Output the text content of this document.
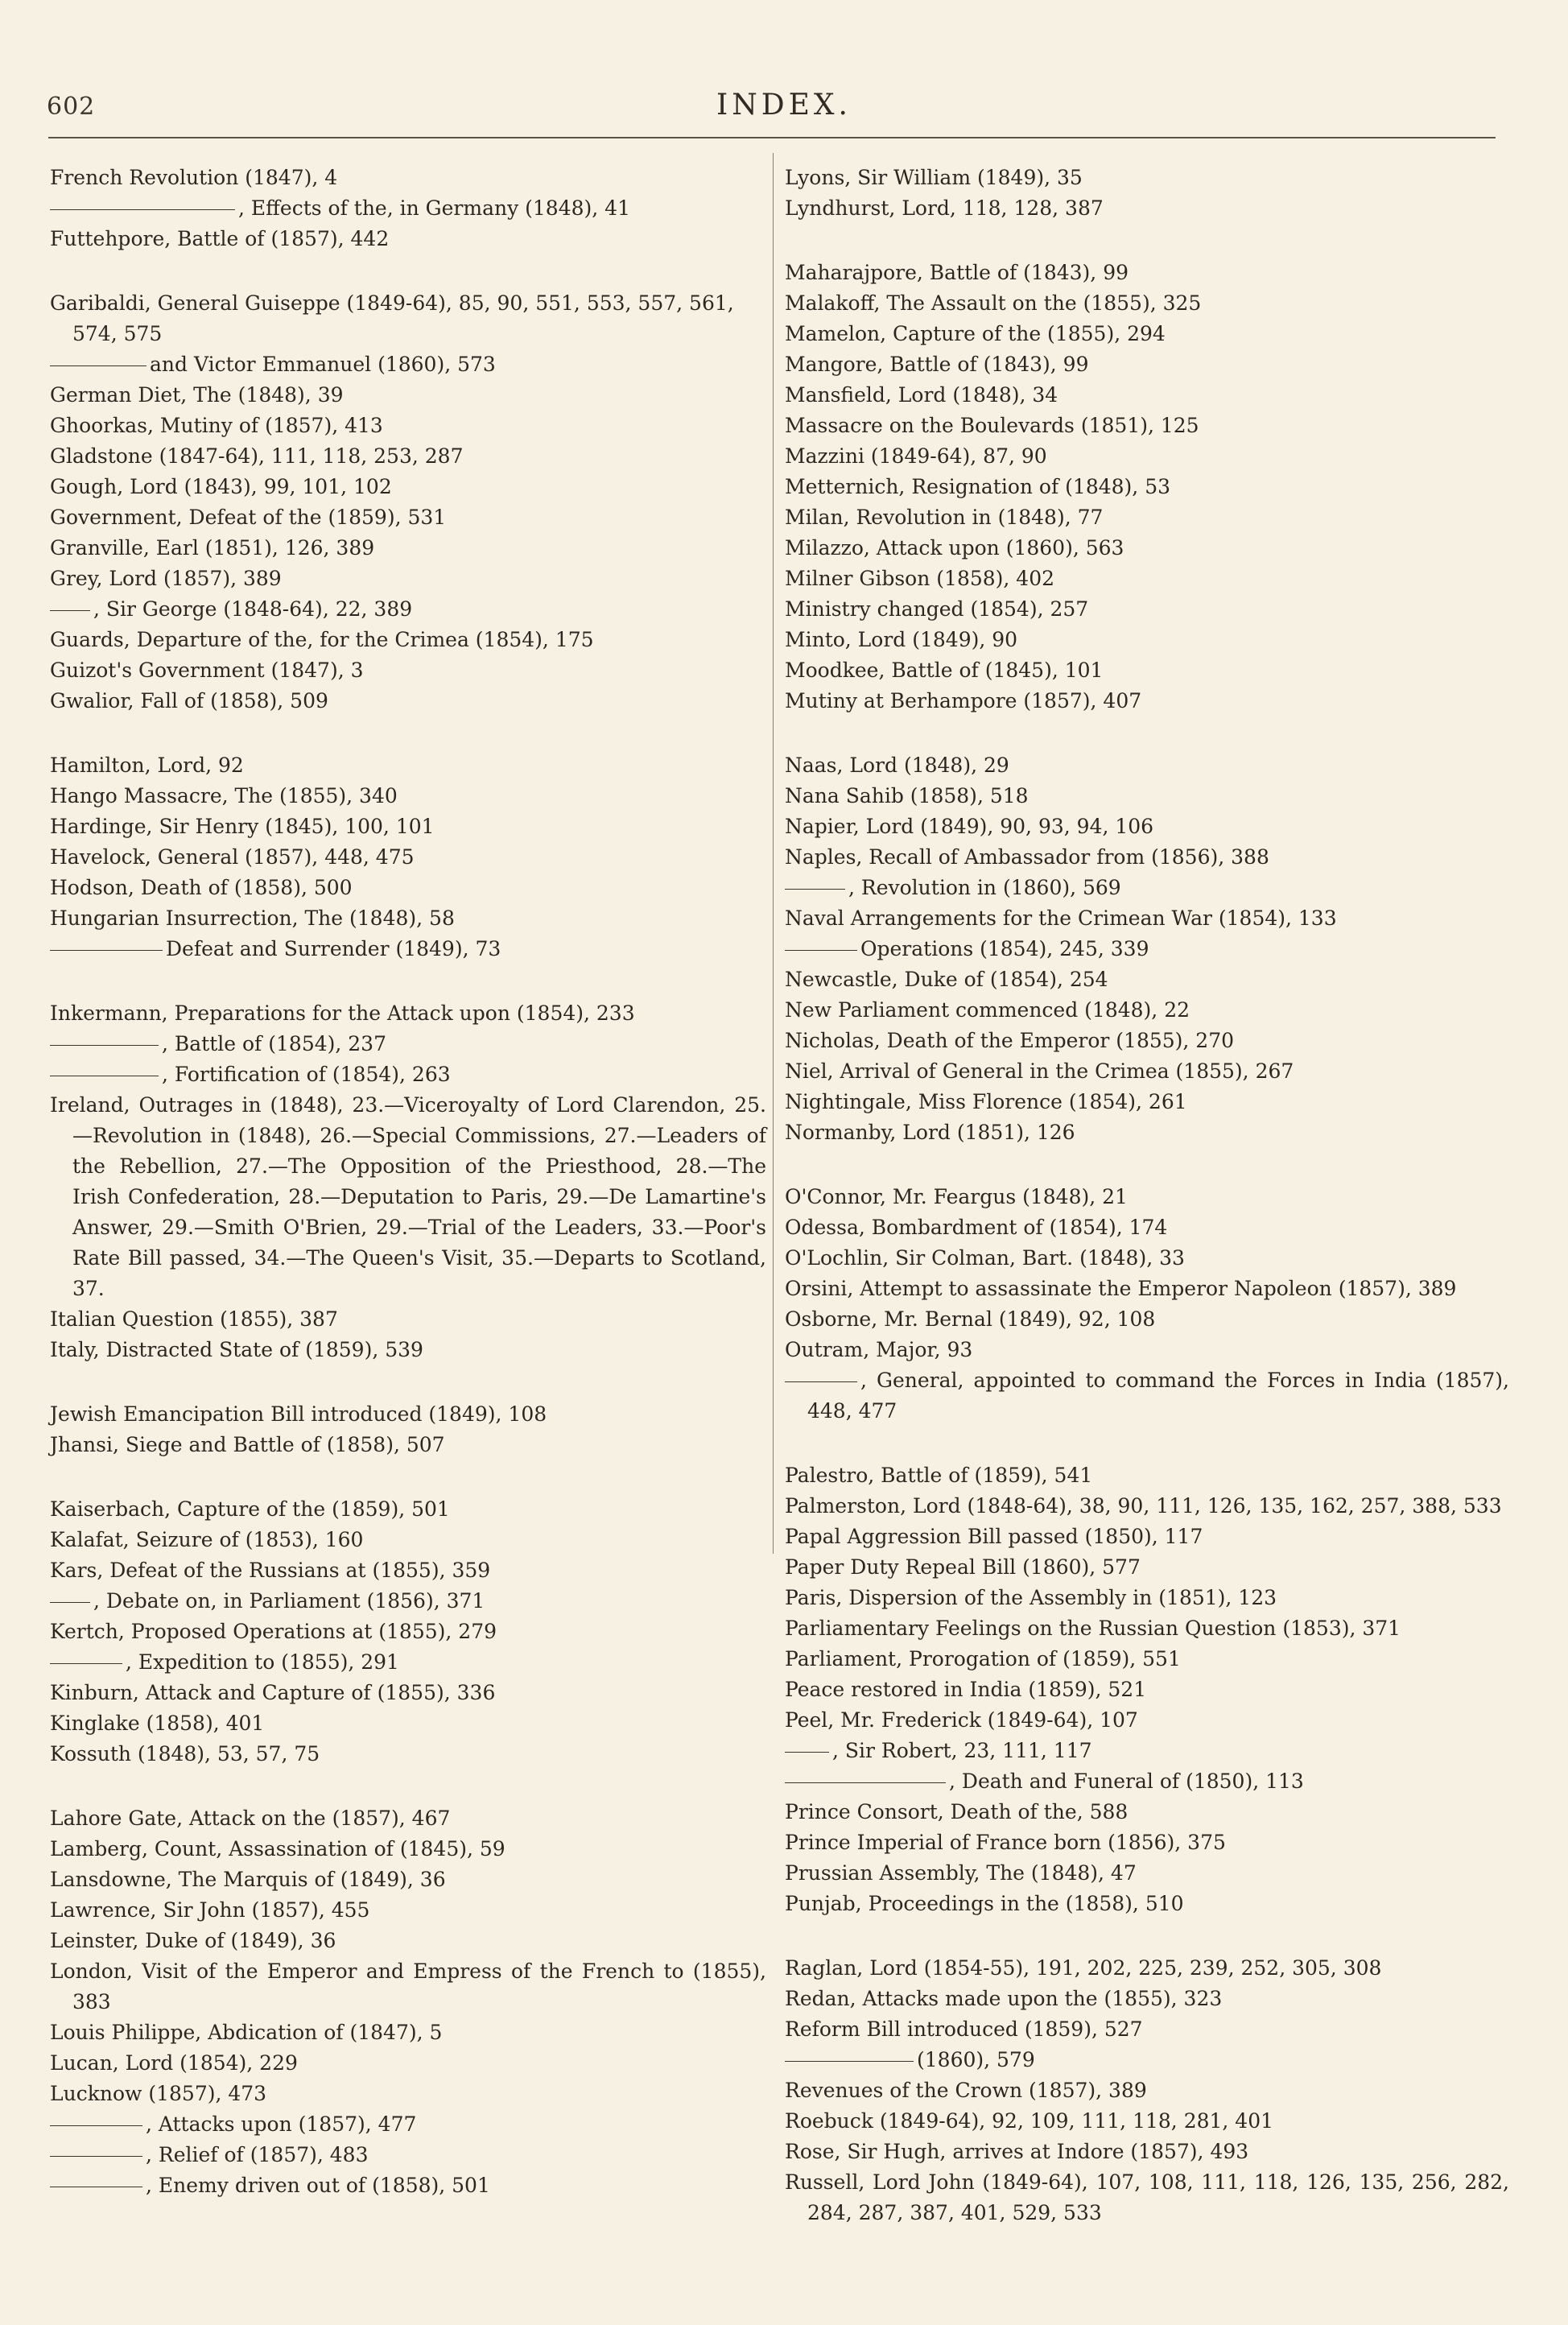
602	INDEX.
French Revolution (1847), 4
, Effects of the, in Germany (1848), 41
Futtehpore, Battle of (1857), 442
Garibaldi, General Guiseppe (1849-64), 85, 90, 551, 553, 557, 561, 574, 575
and Victor Emmanuel (1860), 573
German Diet, The (1848), 39
Ghoorkas, Mutiny of (1857), 413
Gladstone (1847-64), 111, 118, 253, 287
Gough, Lord (1843), 99, 101, 102
Government, Defeat of the (1859), 531
Granville, Earl (1851), 126, 389
Grey, Lord (1857), 389
, Sir George (1848-64), 22, 389
Guards, Departure of the, for the Crimea (1854), 175
Guizot's Government (1847), 3
Gwalior, Fall of (1858), 509
Hamilton, Lord, 92
Hango Massacre, The (1855), 340
Hardinge, Sir Henry (1845), 100, 101
Havelock, General (1857), 448, 475
Hodson, Death of (1858), 500
Hungarian Insurrection, The (1848), 58
Defeat and Surrender (1849), 73
Inkermann, Preparations for the Attack upon (1854), 233
, Battle of (1854), 237
, Fortification of (1854), 263
Ireland, Outrages in (1848), 23.—Viceroyalty of Lord Clarendon, 25.—Revolution in (1848), 26.—Special Commissions, 27.—Leaders of the Rebellion, 27.—The Opposition of the Priesthood, 28.—The Irish Confederation, 28.—Deputation to Paris, 29.—De Lamartine's Answer, 29.—Smith O'Brien, 29.—Trial of the Leaders, 33.—Poor's Rate Bill passed, 34.—The Queen's Visit, 35.—Departs to Scotland, 37.
Italian Question (1855), 387
Italy, Distracted State of (1859), 539
Jewish Emancipation Bill introduced (1849), 108
Jhansi, Siege and Battle of (1858), 507
Kaiserbach, Capture of the (1859), 501
Kalafat, Seizure of (1853), 160
Kars, Defeat of the Russians at (1855), 359
, Debate on, in Parliament (1856), 371
Kertch, Proposed Operations at (1855), 279
, Expedition to (1855), 291
Kinburn, Attack and Capture of (1855), 336
Kinglake (1858), 401
Kossuth (1848), 53, 57, 75
Lahore Gate, Attack on the (1857), 467
Lamberg, Count, Assassination of (1845), 59
Lansdowne, The Marquis of (1849), 36
Lawrence, Sir John (1857), 455
Leinster, Duke of (1849), 36
London, Visit of the Emperor and Empress of the French to (1855), 383
Louis Philippe, Abdication of (1847), 5
Lucan, Lord (1854), 229
Lucknow (1857), 473
, Attacks upon (1857), 477
, Relief of (1857), 483
, Enemy driven out of (1858), 501
Lyons, Sir William (1849), 35
Lyndhurst, Lord, 118, 128, 387
Maharajpore, Battle of (1843), 99
Malakoff, The Assault on the (1855), 325
Mamelon, Capture of the (1855), 294
Mangore, Battle of (1843), 99
Mansfield, Lord (1848), 34
Massacre on the Boulevards (1851), 125
Mazzini (1849-64), 87, 90
Metternich, Resignation of (1848), 53
Milan, Revolution in (1848), 77
Milazzo, Attack upon (1860), 563
Milner Gibson (1858), 402
Ministry changed (1854), 257
Minto, Lord (1849), 90
Moodkee, Battle of (1845), 101
Mutiny at Berhampore (1857), 407
Naas, Lord (1848), 29
Nana Sahib (1858), 518
Napier, Lord (1849), 90, 93, 94, 106
Naples, Recall of Ambassador from (1856), 388
, Revolution in (1860), 569
Naval Arrangements for the Crimean War (1854), 133
Operations (1854), 245, 339
Newcastle, Duke of (1854), 254
New Parliament commenced (1848), 22
Nicholas, Death of the Emperor (1855), 270
Niel, Arrival of General in the Crimea (1855), 267
Nightingale, Miss Florence (1854), 261
Normanby, Lord (1851), 126
O'Connor, Mr. Feargus (1848), 21
Odessa, Bombardment of (1854), 174
O'Lochlin, Sir Colman, Bart. (1848), 33
Orsini, Attempt to assassinate the Emperor Napoleon (1857), 389
Osborne, Mr. Bernal (1849), 92, 108
Outram, Major, 93
, General, appointed to command the Forces in India (1857), 448, 477
Palestro, Battle of (1859), 541
Palmerston, Lord (1848-64), 38, 90, 111, 126, 135, 162, 257, 388, 533
Papal Aggression Bill passed (1850), 117
Paper Duty Repeal Bill (1860), 577
Paris, Dispersion of the Assembly in (1851), 123
Parliamentary Feelings on the Russian Question (1853), 371
Parliament, Prorogation of (1859), 551
Peace restored in India (1859), 521
Peel, Mr. Frederick (1849-64), 107
, Sir Robert, 23, 111, 117
, Death and Funeral of (1850), 113
Prince Consort, Death of the, 588
Prince Imperial of France born (1856), 375
Prussian Assembly, The (1848), 47
Punjab, Proceedings in the (1858), 510
Raglan, Lord (1854-55), 191, 202, 225, 239, 252, 305, 308
Redan, Attacks made upon the (1855), 323
Reform Bill introduced (1859), 527
(1860), 579
Revenues of the Crown (1857), 389
Roebuck (1849-64), 92, 109, 111, 118, 281, 401
Rose, Sir Hugh, arrives at Indore (1857), 493
Russell, Lord John (1849-64), 107, 108, 111, 118, 126, 135, 256, 282, 284, 287, 387, 401, 529, 533
